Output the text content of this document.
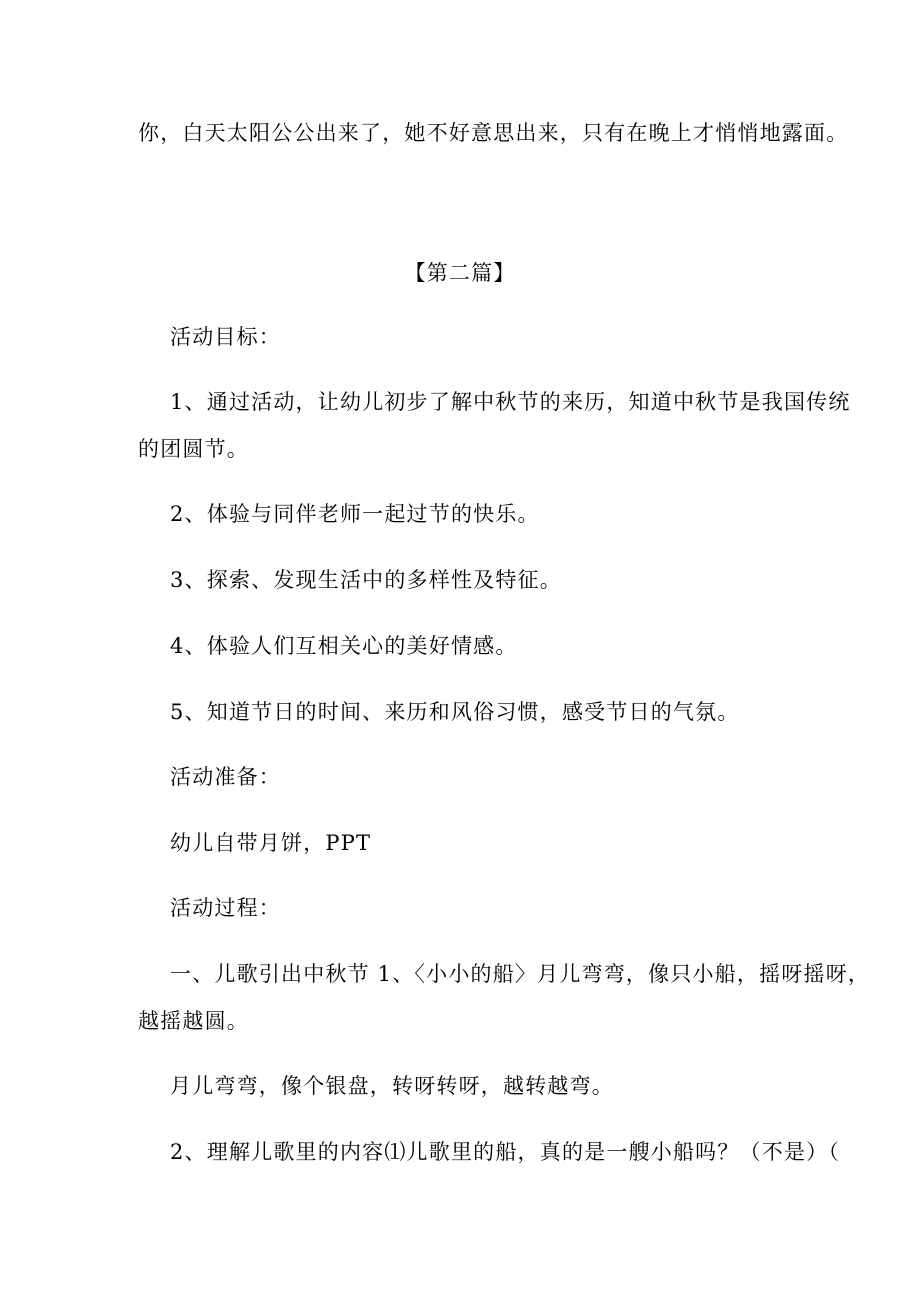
你，白天太阳公公出来了，她不好意思出来，只有在晚上才悄悄地露面。
【第二篇】
活动目标：
1、通过活动，让幼儿初步了解中秋节的来历，知道中秋节是我国传统
的团圆节。
2、体验与同伴老师一起过节的快乐。
3、探索、发现生活中的多样性及特征。
4、体验人们互相关心的美好情感。
5、知道节日的时间、来历和风俗习惯，感受节日的气氛。
活动准备：
幼儿自带月饼，PPT
活动过程：
一、儿歌引出中秋节 1、〈小小的船〉月儿弯弯，像只小船，摇呀摇呀，
越摇越圆。
月儿弯弯，像个银盘，转呀转呀，越转越弯。
2、理解儿歌里的内容⑴儿歌里的船，真的是一艘小船吗？（不是）（
